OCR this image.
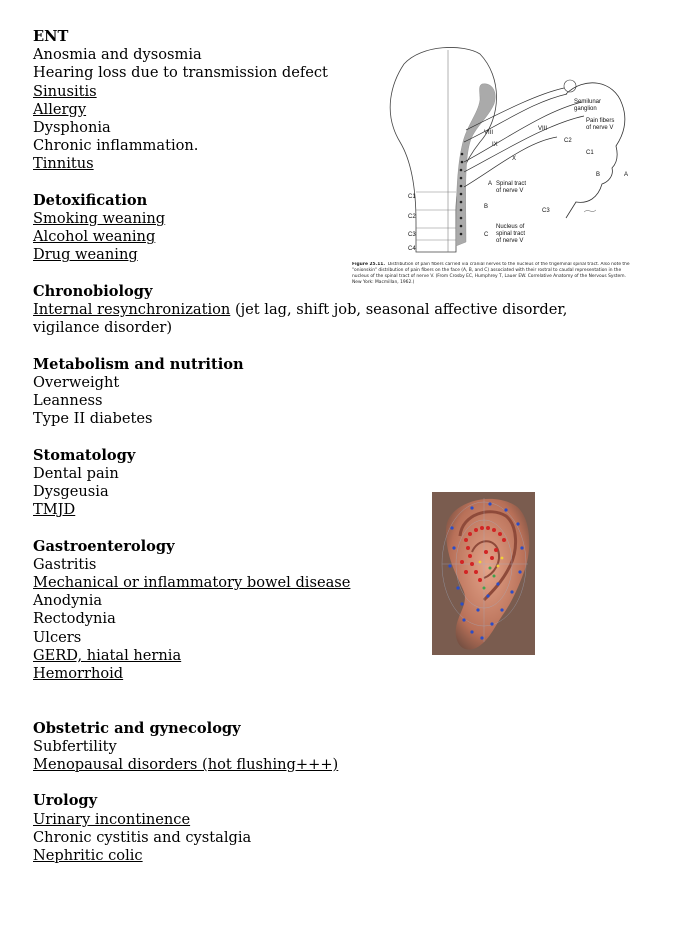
ENT
Anosmia and dysosmia
Hearing loss due to transmission defect
Sinusitis
Allergy
Dysphonia
Chronic inflammation.
Tinnitus
Detoxification
Smoking weaning
Alcohol weaning
Drug weaning
Chronobiology
Internal resynchronization (jet lag, shift job, seasonal affective disorder, vigilance disorder)
Metabolism and nutrition
Overweight
Leanness
Type II diabetes
Stomatology
Dental pain
Dysgeusia
TMJD
Gastroenterology
Gastritis
Mechanical or inflammatory bowel disease
Anodynia
Rectodynia
Ulcers
GERD, hiatal hernia
Hemorrhoid
Obstetric and gynecology
Subfertility
Menopausal disorders (hot flushing+++)
Urology
Urinary incontinence
Chronic cystitis and cystalgia
Nephritic colic
Semilunar
ganglion
Pain fibers
of nerve V
VIII
VIII
IX
X
A Spinal tract
of nerve V
B
C
Nucleus of
spinal tract
of nerve V
C1
C2
C3
C4
A
B
C2
C3
C1
Figure 25.11. Distribution of pain fibers carried via cranial nerves to the nucleus of the trigeminal spinal tract. Also note the "onionskin" distribution of pain fibers on the face (A, B, and C) associated with their rostral to caudal representation in the nucleus of the spinal tract of nerve V. (From Crosby EC, Humphrey T, Lauer EW. Correlative Anatomy of the Nervous System. New York: Macmillan, 1962.)
